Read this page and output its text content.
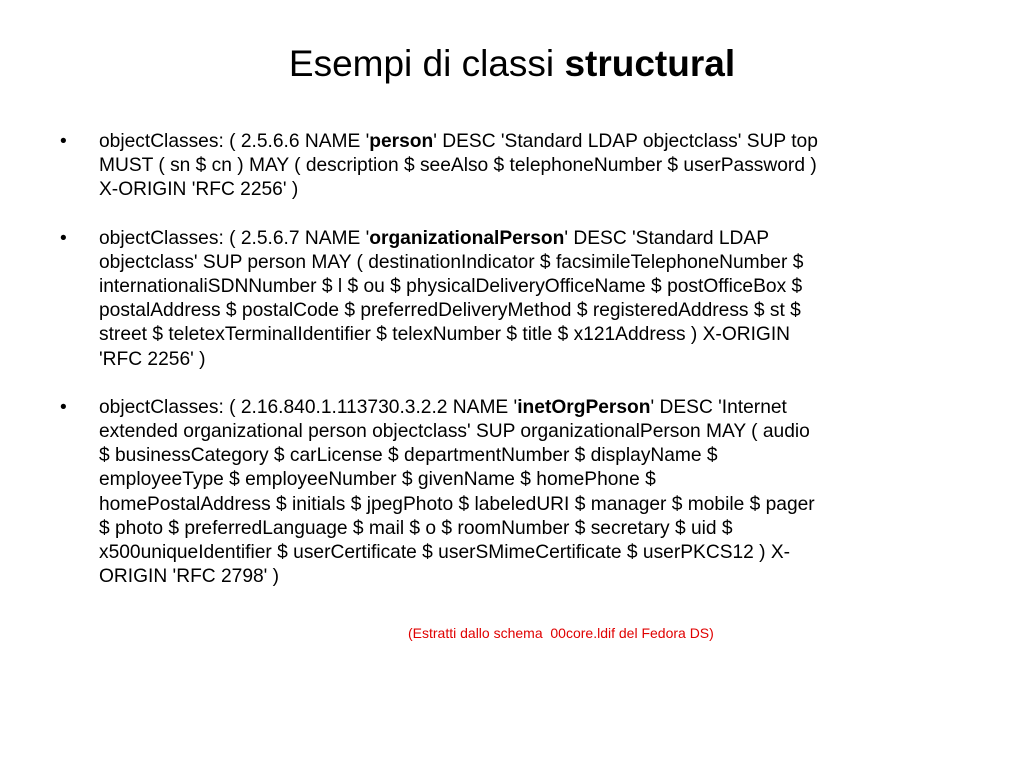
Esempi di classi structural
• objectClasses: ( 2.5.6.6 NAME 'person' DESC 'Standard LDAP objectclass' SUP top
MUST ( sn $ cn ) MAY ( description $ seeAlso $ telephoneNumber $ userPassword )
X-ORIGIN 'RFC 2256' )
• objectClasses: ( 2.5.6.7 NAME 'organizationalPerson' DESC 'Standard LDAP
objectclass' SUP person MAY ( destinationIndicator $ facsimileTelephoneNumber $
internationaliSDNNumber $ l $ ou $ physicalDeliveryOfficeName $ postOfficeBox $
postalAddress $ postalCode $ preferredDeliveryMethod $ registeredAddress $ st $
street $ teletexTerminalIdentifier $ telexNumber $ title $ x121Address ) X-ORIGIN
'RFC 2256' )
• objectClasses: ( 2.16.840.1.113730.3.2.2 NAME 'inetOrgPerson' DESC 'Internet
extended organizational person objectclass' SUP organizationalPerson MAY ( audio
$ businessCategory $ carLicense $ departmentNumber $ displayName $
employeeType $ employeeNumber $ givenName $ homePhone $
homePostalAddress $ initials $ jpegPhoto $ labeledURI $ manager $ mobile $ pager
$ photo $ preferredLanguage $ mail $ o $ roomNumber $ secretary $ uid $
x500uniqueIdentifier $ userCertificate $ userSMimeCertificate $ userPKCS12 ) X-
ORIGIN 'RFC 2798' )
(Estratti dallo schema  00core.ldif del Fedora DS)
